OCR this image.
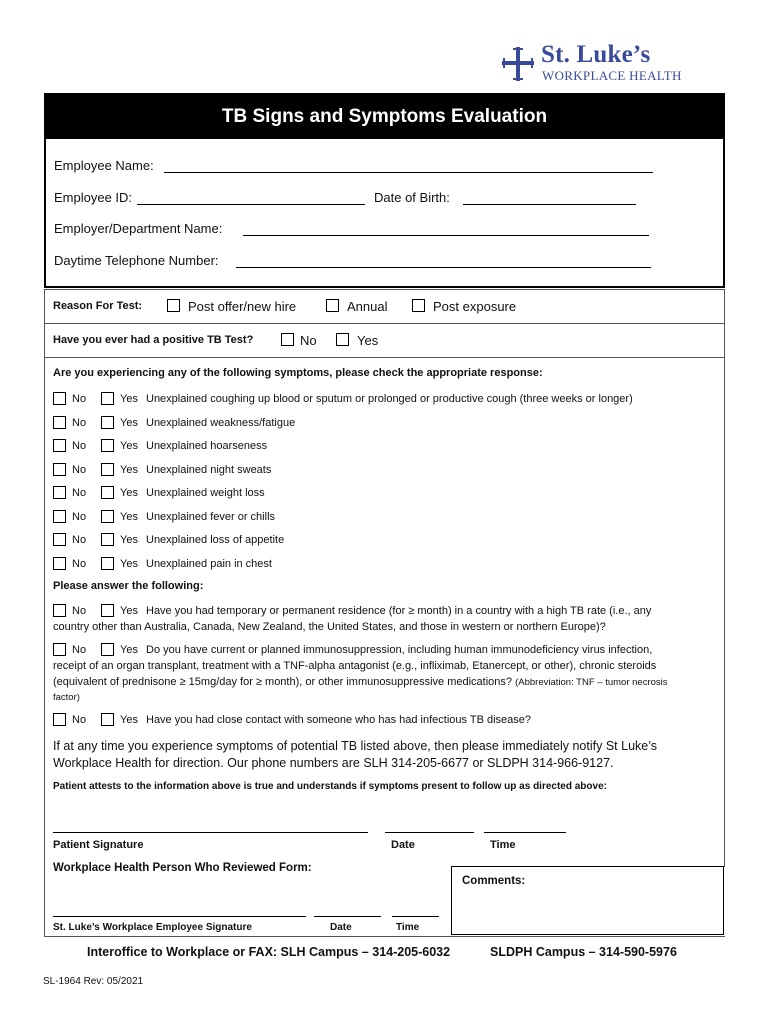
St. Luke’s
WORKPLACE HEALTH
TB Signs and Symptoms Evaluation
Employee Name:
Employee ID:	Date of Birth:
Employer/Department Name:
Daytime Telephone Number:
Reason For Test:	Post offer/new hire	Annual	Post exposure
Have you ever had a positive TB Test?	No	Yes
Are you experiencing any of the following symptoms, please check the appropriate response:
No	Yes Unexplained coughing up blood or sputum or prolonged or productive cough (three weeks or longer)
No	Yes Unexplained weakness/fatigue
No	Yes Unexplained hoarseness
No	Yes Unexplained night sweats
No	Yes Unexplained weight loss
No	Yes Unexplained fever or chills
No	Yes Unexplained loss of appetite
No	Yes Unexplained pain in chest
Please answer the following:
No	Yes Have you had temporary or permanent residence (for ≥ month) in a country with a high TB rate (i.e., any
country other than Australia, Canada, New Zealand, the United States, and those in western or northern Europe)?
No	Yes Do you have current or planned immunosuppression, including human immunodeficiency virus infection,
receipt of an organ transplant, treatment with a TNF-alpha antagonist (e.g., infliximab, Etanercept, or other), chronic steroids
(equivalent of prednisone ≥ 15mg/day for ≥ month), or other immunosuppressive medications? (Abbreviation: TNF – tumor necrosis
factor)
No	Yes Have you had close contact with someone who has had infectious TB disease?
If at any time you experience symptoms of potential TB listed above, then please immediately notify St Luke’s
Workplace Health for direction. Our phone numbers are SLH 314-205-6677 or SLDPH 314-966-9127.
Patient attests to the information above is true and understands if symptoms present to follow up as directed above:
Patient Signature	Date	Time
Workplace Health Person Who Reviewed Form:
Comments:
St. Luke’s Workplace Employee Signature	Date	Time
Interoffice to Workplace or FAX: SLH Campus – 314-205-6032	SLDPH Campus – 314-590-5976
SL-1964 Rev: 05/2021
